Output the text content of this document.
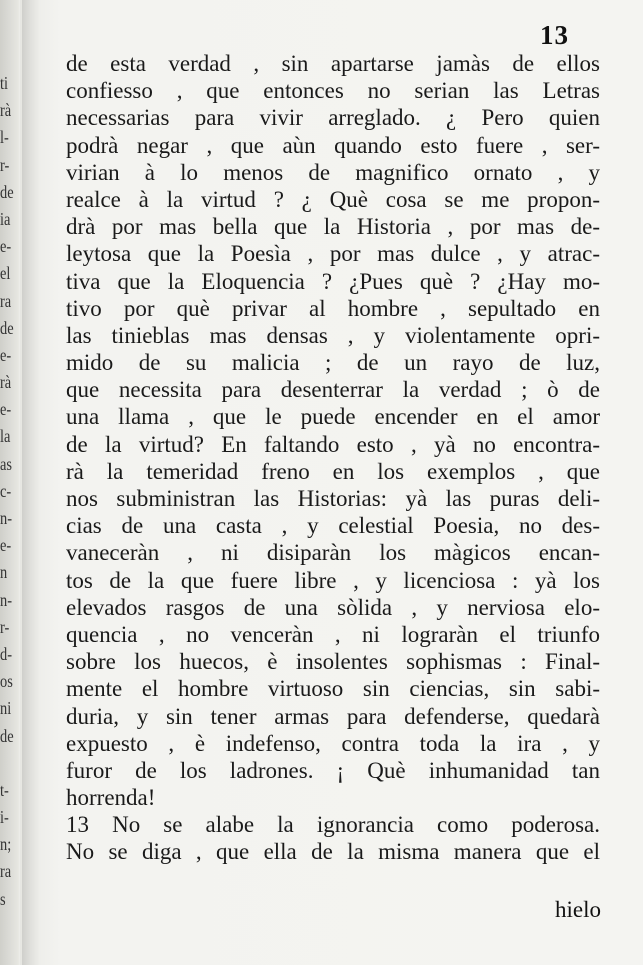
ti
rà
l-
r-
de
ia
e-
el
ra
de
e-
rà
e-
la
as
c-
n-
e-
n
n-
r-
d-
os
ni
de
t-
i-
n;
ra
s
13
de esta verdad , sin apartarse jamàs de ellos
confiesso , que entonces no serian las Letras
necessarias para vivir arreglado. ¿ Pero quien
podrà negar , que aùn quando esto fuere , ser-
virian à lo menos de magnifico ornato , y
realce à la virtud ? ¿ Què cosa se me propon-
drà por mas bella que la Historia , por mas de-
leytosa que la Poesìa , por mas dulce , y atrac-
tiva que la Eloquencia ? ¿Pues què ? ¿Hay mo-
tivo por què privar al hombre , sepultado en
las tinieblas mas densas , y violentamente opri-
mido de su malicia ; de un rayo de luz,
que necessita para desenterrar la verdad ; ò de
una llama , que le puede encender en el amor
de la virtud? En faltando esto , yà no encontra-
rà la temeridad freno en los exemplos , que
nos subministran las Historias: yà las puras deli-
cias de una casta , y celestial Poesia, no des-
vaneceràn , ni disiparàn los màgicos encan-
tos de la que fuere libre , y licenciosa : yà los
elevados rasgos de una sòlida , y nerviosa elo-
quencia , no venceràn , ni lograràn el triunfo
sobre los huecos, è insolentes sophismas : Final-
mente el hombre virtuoso sin ciencias, sin sabi-
duria, y sin tener armas para defenderse, quedarà
expuesto , è indefenso, contra toda la ira , y
furor de los ladrones. ¡ Què inhumanidad tan
horrenda!
13 No se alabe la ignorancia como poderosa.
No se diga , que ella de la misma manera que el
hielo
